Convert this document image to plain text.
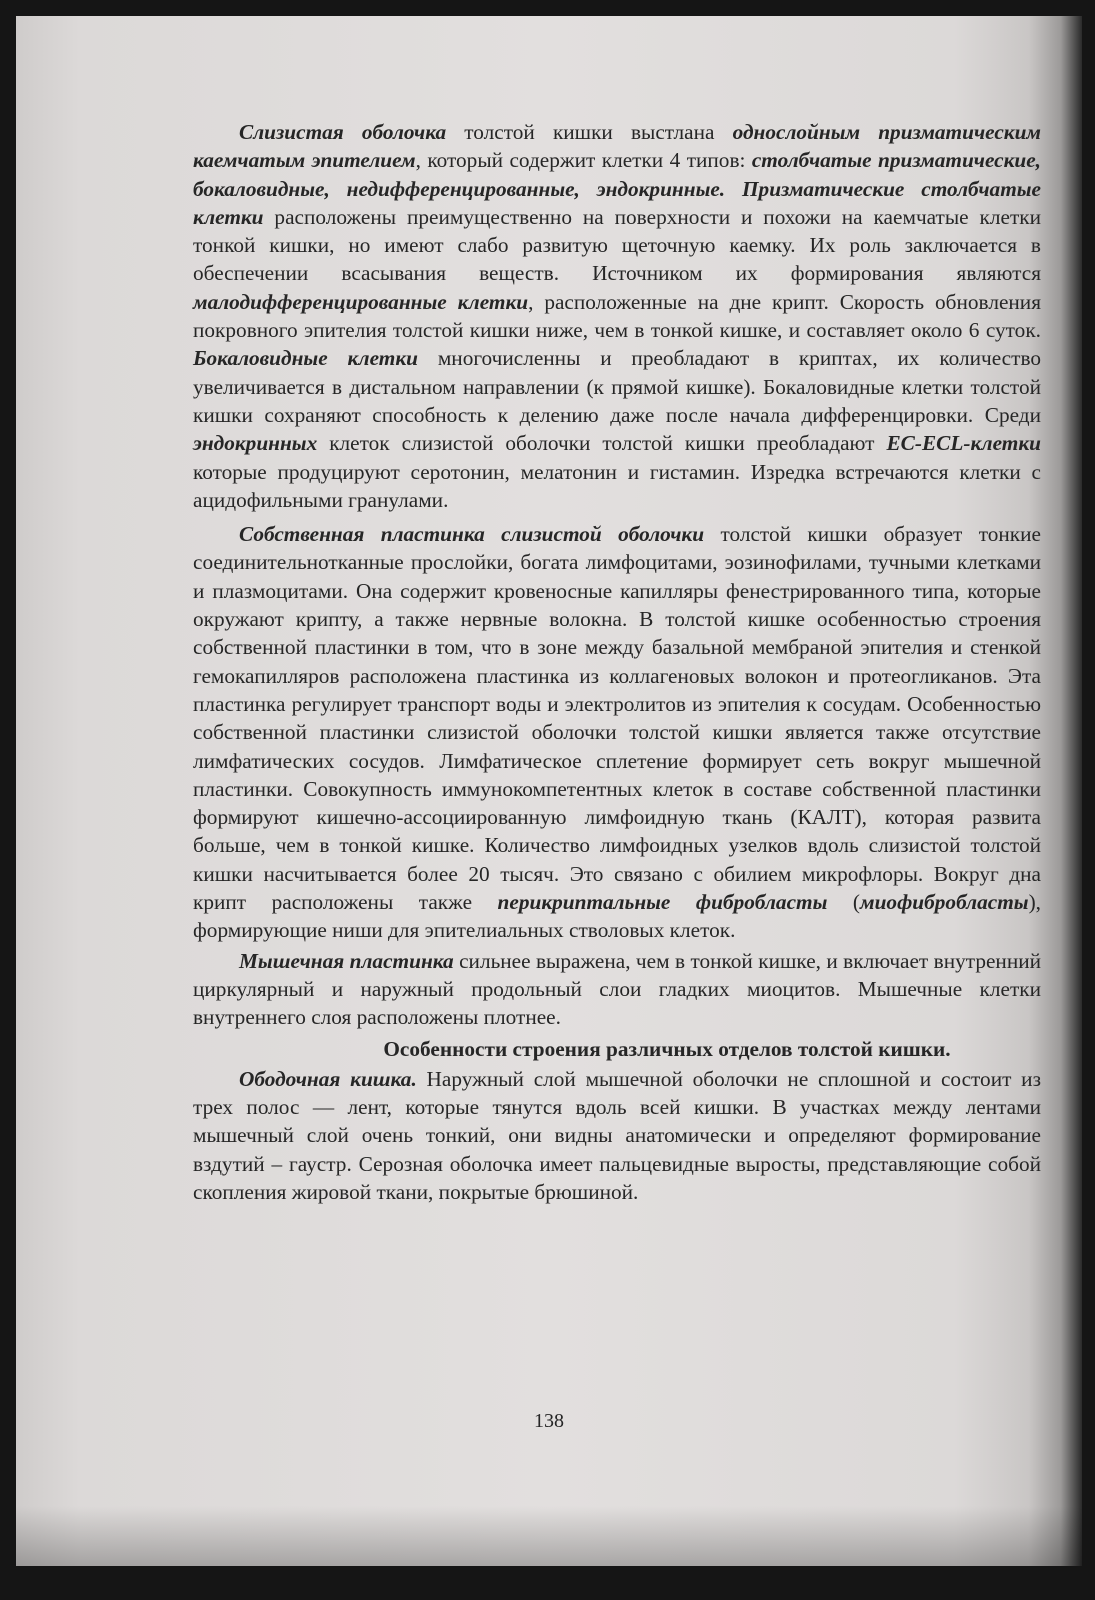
Слизистая оболочка толстой кишки выстлана однослойным призматическим каемчатым эпителием, который содержит клетки 4 типов: столбчатые призматические, бокаловидные, недифференцированные, эндокринные. Призматические столбчатые клетки расположены преимущественно на поверхности и похожи на каемчатые клетки тонкой кишки, но имеют слабо развитую щеточную каемку. Их роль заключается в обеспечении всасывания веществ. Источником их формирования являются малодифференцированные клетки, расположенные на дне крипт. Скорость обновления покровного эпителия толстой кишки ниже, чем в тонкой кишке, и составляет около 6 суток. Бокаловидные клетки многочисленны и преобладают в криптах, их количество увеличивается в дистальном направлении (к прямой кишке). Бокаловидные клетки толстой кишки сохраняют способность к делению даже после начала дифференцировки. Среди эндокринных клеток слизистой оболочки толстой кишки преобладают ЕС-ECL-клетки которые продуцируют серотонин, мелатонин и гистамин. Изредка встречаются клетки с ацидофильными гранулами.

Собственная пластинка слизистой оболочки толстой кишки образует тонкие соединительнотканные прослойки, богата лимфоцитами, эозинофилами, тучными клетками и плазмоцитами. Она содержит кровеносные капилляры фенестрированного типа, которые окружают крипту, а также нервные волокна. В толстой кишке особенностью строения собственной пластинки в том, что в зоне между базальной мембраной эпителия и стенкой гемокапилляров расположена пластинка из коллагеновых волокон и протеогликанов. Эта пластинка регулирует транспорт воды и электролитов из эпителия к сосудам. Особенностью собственной пластинки слизистой оболочки толстой кишки является также отсутствие лимфатических сосудов. Лимфатическое сплетение формирует сеть вокруг мышечной пластинки. Совокупность иммунокомпетентных клеток в составе собственной пластинки формируют кишечно-ассоциированную лимфоидную ткань (КАЛТ), которая развита больше, чем в тонкой кишке. Количество лимфоидных узелков вдоль слизистой толстой кишки насчитывается более 20 тысяч. Это связано с обилием микрофлоры. Вокруг дна крипт расположены также перикриптальные фибробласты (миофибробласты), формирующие ниши для эпителиальных стволовых клеток.

Мышечная пластинка сильнее выражена, чем в тонкой кишке, и включает внутренний циркулярный и наружный продольный слои гладких миоцитов. Мышечные клетки внутреннего слоя расположены плотнее.

Особенности строения различных отделов толстой кишки.

Ободочная кишка. Наружный слой мышечной оболочки не сплошной и состоит из трех полос — лент, которые тянутся вдоль всей кишки. В участках между лентами мышечный слой очень тонкий, они видны анатомически и определяют формирование вздутий – гаустр. Серозная оболочка имеет пальцевидные выросты, представляющие собой скопления жировой ткани, покрытые брюшиной.

138
